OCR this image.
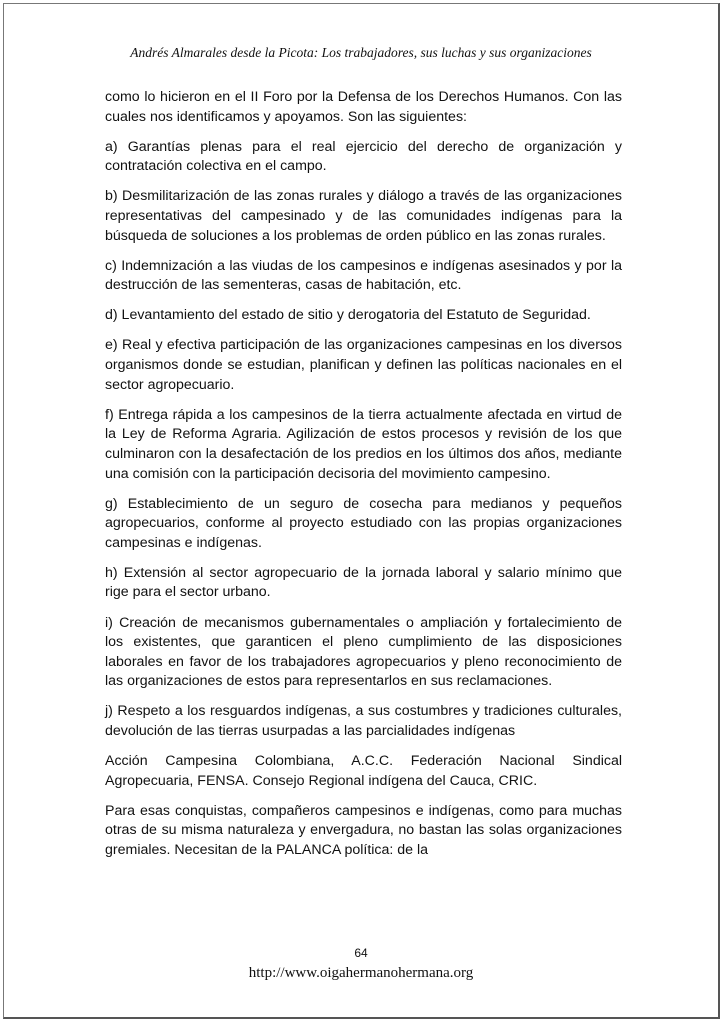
Andrés Almarales desde la Picota: Los trabajadores, sus luchas y sus organizaciones

como lo hicieron en el II Foro por la Defensa de los Derechos Humanos. Con las cuales nos identificamos y apoyamos. Son las siguientes:

a) Garantías plenas para el real ejercicio del derecho de organización y contratación colectiva en el campo.

b) Desmilitarización de las zonas rurales y diálogo a través de las organizaciones representativas del campesinado y de las comunidades indígenas para la búsqueda de soluciones a los problemas de orden público en las zonas rurales.

c) Indemnización a las viudas de los campesinos e indígenas asesinados y por la destrucción de las sementeras, casas de habitación, etc.

d) Levantamiento del estado de sitio y derogatoria del Estatuto de Seguridad.

e) Real y efectiva participación de las organizaciones campesinas en los diversos organismos donde se estudian, planifican y definen las políticas nacionales en el sector agropecuario.

f) Entrega rápida a los campesinos de la tierra actualmente afectada en virtud de la Ley de Reforma Agraria. Agilización de estos procesos y revisión de los que culminaron con la desafectación de los predios en los últimos dos años, mediante una comisión con la participación decisoria del movimiento campesino.

g) Establecimiento de un seguro de cosecha para medianos y pequeños agropecuarios, conforme al proyecto estudiado con las propias organizaciones campesinas e indígenas.

h) Extensión al sector agropecuario de la jornada laboral y salario mínimo que rige para el sector urbano.

i) Creación de mecanismos gubernamentales o ampliación y fortalecimiento de los existentes, que garanticen el pleno cumplimiento de las disposiciones laborales en favor de los trabajadores agropecuarios y pleno reconocimiento de las organizaciones de estos para representarlos en sus reclamaciones.

j) Respeto a los resguardos indígenas, a sus costumbres y tradiciones culturales, devolución de las tierras usurpadas a las parcialidades indígenas

Acción Campesina Colombiana, A.C.C. Federación Nacional Sindical Agropecuaria, FENSA. Consejo Regional indígena del Cauca, CRIC.

Para esas conquistas, compañeros campesinos e indígenas, como para muchas otras de su misma naturaleza y envergadura, no bastan las solas organizaciones gremiales. Necesitan de la PALANCA política: de la

64
http://www.oigahermanohermana.org
